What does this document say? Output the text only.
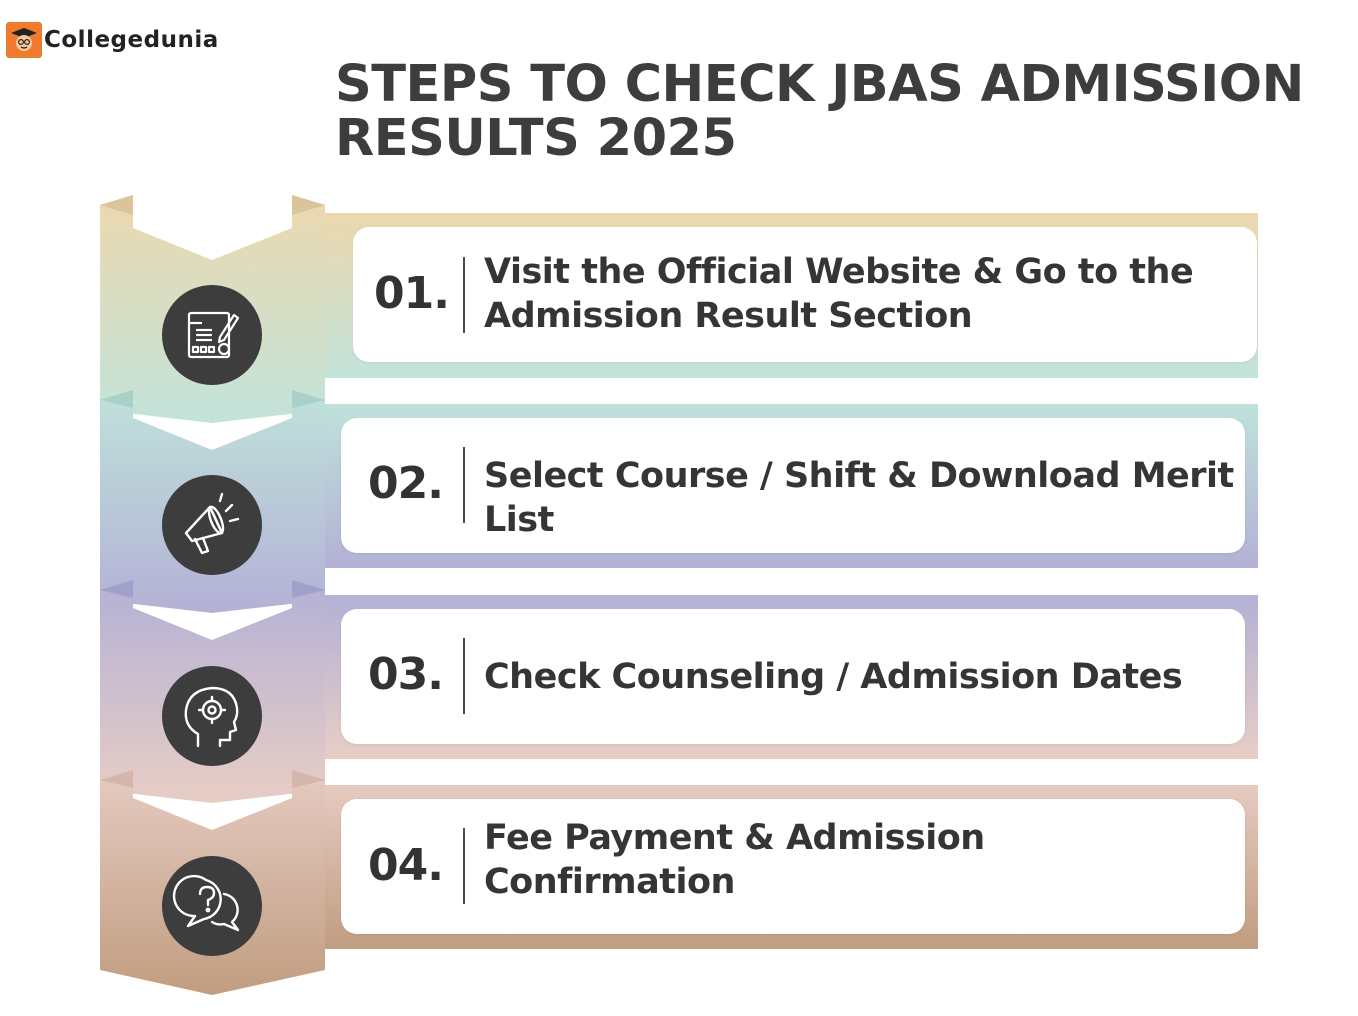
Collegedunia
STEPS TO CHECK JBAS ADMISSION
RESULTS 2025
01.
02.
03.
04.
Visit the Official Website & Go to the Admission Result Section
Select Course / Shift & Download Merit List
Check Counseling / Admission Dates
Fee Payment & Admission Confirmation
